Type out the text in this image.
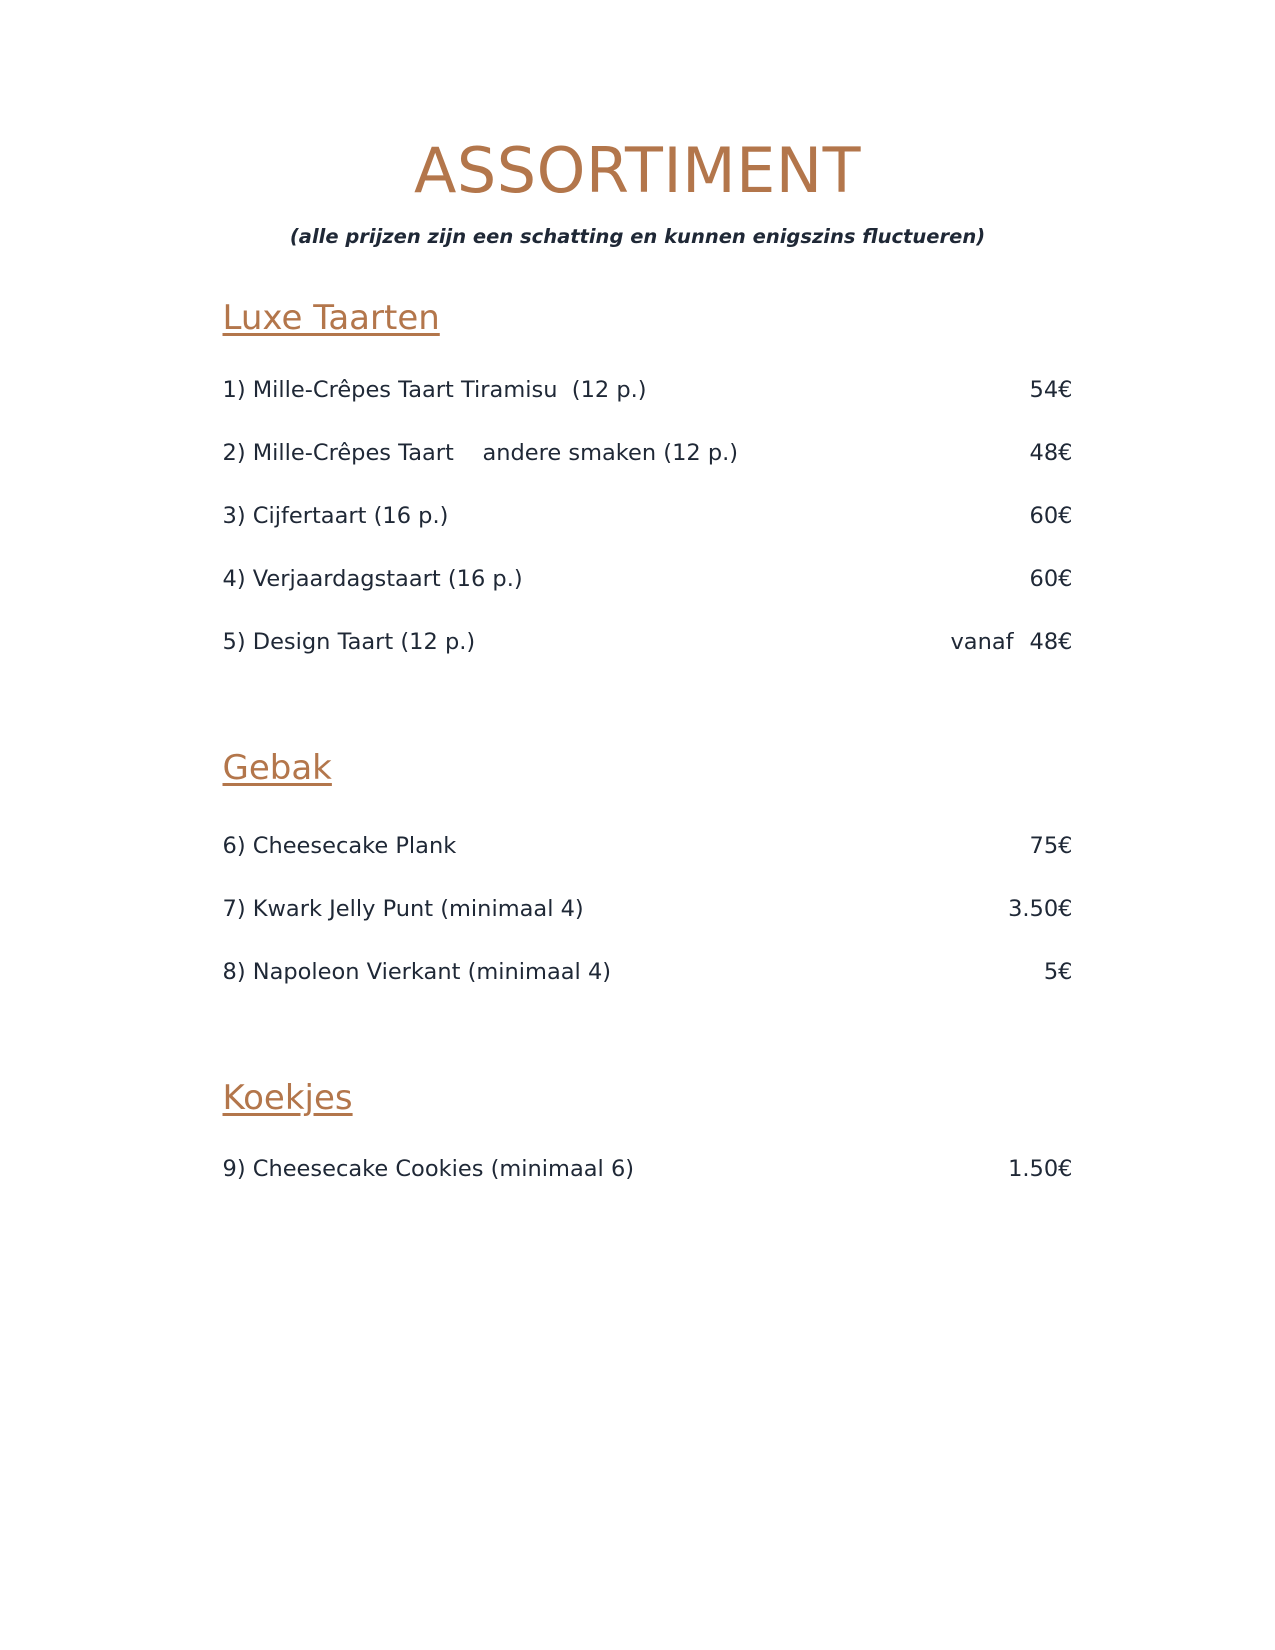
ASSORTIMENT

(alle prijzen zijn een schatting en kunnen enigszins fluctueren)

Luxe Taarten
1) Mille-Crêpes Taart Tiramisu  (12 p.)	54€
2) Mille-Crêpes Taart    andere smaken (12 p.)	48€
3) Cijfertaart (16 p.)	60€
4) Verjaardagstaart (16 p.)	60€
5) Design Taart (12 p.)	vanaf 48€
Gebak
6) Cheesecake Plank	75€
7) Kwark Jelly Punt (minimaal 4)	3.50€
8) Napoleon Vierkant (minimaal 4)	5€
Koekjes
9) Cheesecake Cookies (minimaal 6)	1.50€
